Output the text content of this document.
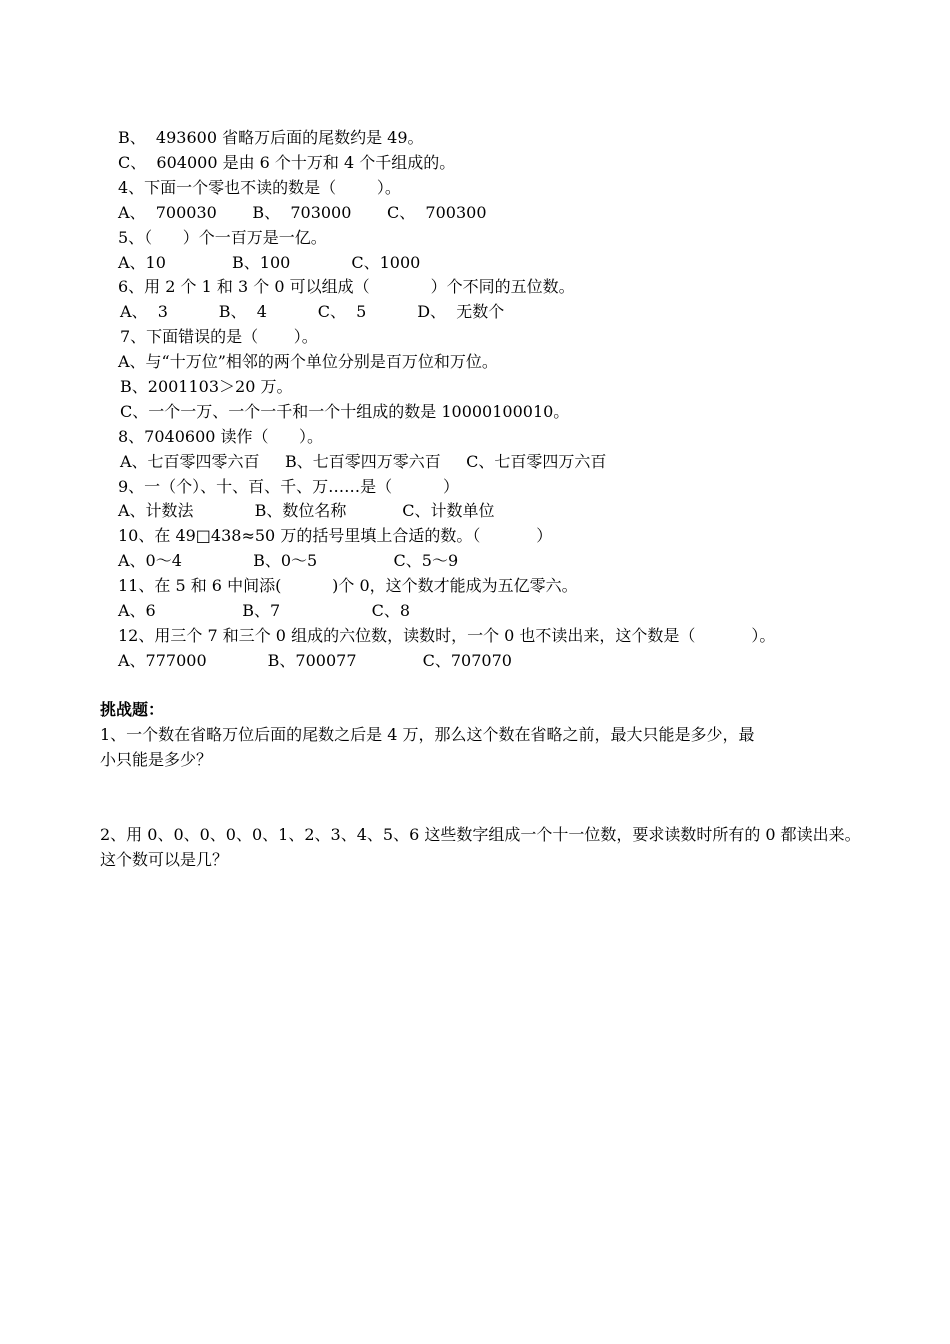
B、  493600 省略万后面的尾数约是 49。
C、  604000 是由 6 个十万和 4 个千组成的。
4、下面一个零也不读的数是（        ）。
A、  700030       B、  703000       C、  700300
5、（      ）个一百万是一亿。
A、10             B、100            C、1000
6、用 2 个 1 和 3 个 0 可以组成（            ）个不同的五位数。
A、  3          B、  4          C、  5          D、  无数个
7、下面错误的是（       ）。
A、与“十万位”相邻的两个单位分别是百万位和万位。
B、2001103＞20 万。
C、一个一万、一个一千和一个十组成的数是 10000100010。
8、7040600 读作（      ）。
A、七百零四零六百     B、七百零四万零六百     C、七百零四万六百
9、一（个）、十、百、千、万……是（          ）
A、计数法            B、数位名称           C、计数单位
10、在 49□438≈50 万的括号里填上合适的数。（           ）
A、0～4              B、0～5               C、5～9
11、在 5 和 6 中间添(          )个 0，这个数才能成为五亿零六。
A、6                 B、7                  C、8
12、用三个 7 和三个 0 组成的六位数，读数时，一个 0 也不读出来，这个数是（           ）。
A、777000            B、700077             C、707070
挑战题：
1、一个数在省略万位后面的尾数之后是 4 万，那么这个数在省略之前，最大只能是多少，最
小只能是多少？
2、用 0、0、0、0、0、1、2、3、4、5、6 这些数字组成一个十一位数，要求读数时所有的 0 都读出来。
这个数可以是几？
